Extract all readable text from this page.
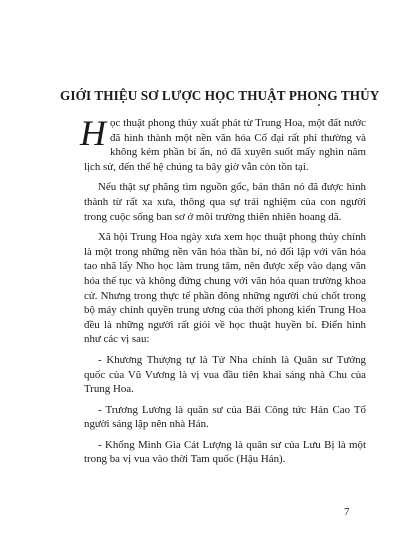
GIỚI THIỆU SƠ LƯỢC HỌC THUẬT PHONG THỦY

Học thuật phong thủy xuất phát từ Trung Hoa, một đất nước đã hình thành một nền văn hóa Cổ đại rất phi thường và không kém phần bí ẩn, nó đã xuyên suốt mấy nghìn năm lịch sử, đến thế hệ chúng ta bây giờ vẫn còn tồn tại.

Nếu thật sự phăng tìm nguồn gốc, bản thân nó đã được hình thành từ rất xa xưa, thông qua sự trải nghiệm của con người trong cuộc sống ban sơ ở môi trường thiên nhiên hoang dã.

Xã hội Trung Hoa ngày xưa xem học thuật phong thủy chính là một trong những nền văn hóa thần bí, nó đối lập với văn hóa tao nhã lấy Nho học làm trung tâm, nên được xếp vào dạng văn hóa thế tục và không đứng chung với văn hóa quan trường khoa cử. Nhưng trong thực tế phần đông những người chủ chốt trong bộ máy chính quyền trung ương của thời phong kiến Trung Hoa đều là những người rất giỏi về học thuật huyền bí. Điển hình như các vị sau:

- Khương Thượng tự là Tử Nha chính là Quân sư Tướng quốc của Vũ Vương là vị vua đầu tiên khai sáng nhà Chu của Trung Hoa.

- Trương Lương là quân sư của Bái Công tức Hán Cao Tổ người sáng lập nên nhà Hán.

- Khổng Minh Gia Cát Lượng là quân sư của Lưu Bị là một trong ba vị vua vào thời Tam quốc (Hậu Hán).

7
